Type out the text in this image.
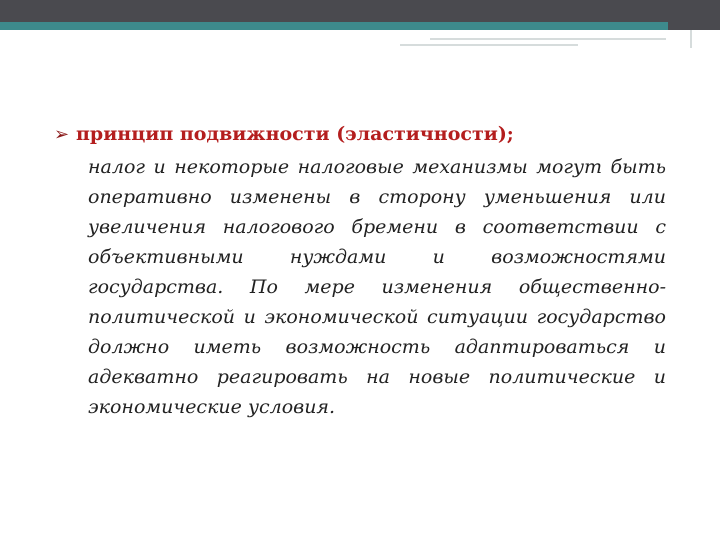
➢ принцип подвижности (эластичности);

налог и некоторые налоговые механизмы могут быть оперативно изменены в сторону уменьшения или увеличения налогового бремени в соответствии с объективными нуждами и возможностями государства. По мере изменения общественно-политической и экономической ситуации государство должно иметь возможность адаптироваться и адекватно реагировать на новые политические и экономические условия.
